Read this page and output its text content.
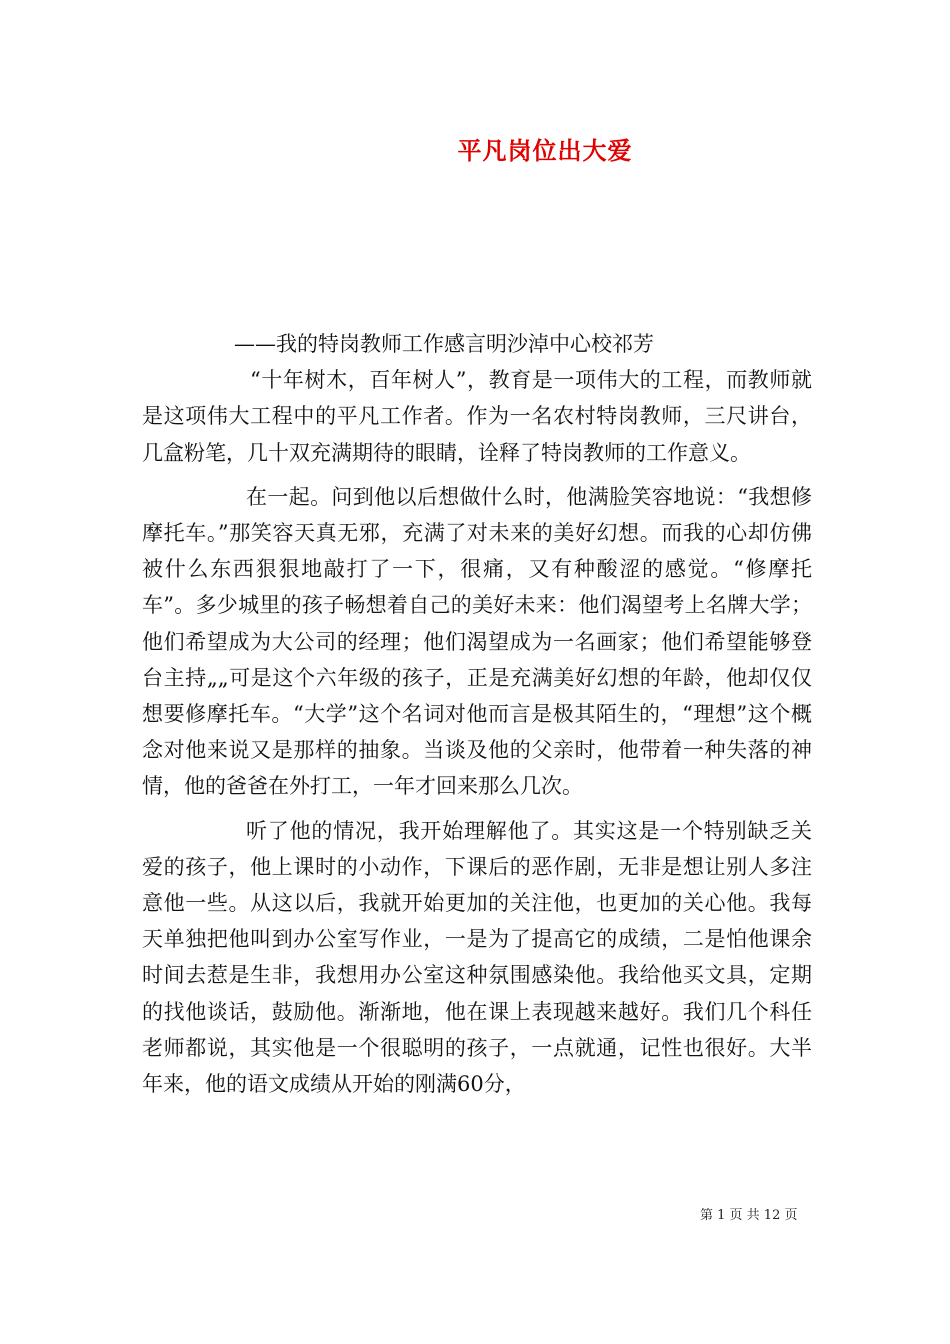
平凡岗位出大爱

——我的特岗教师工作感言明沙淖中心校祁芳

“十年树木，百年树人”，教育是一项伟大的工程，而教师就是这项伟大工程中的平凡工作者。作为一名农村特岗教师，三尺讲台，几盒粉笔，几十双充满期待的眼睛，诠释了特岗教师的工作意义。

在一起。问到他以后想做什么时，他满脸笑容地说：“我想修摩托车。”那笑容天真无邪，充满了对未来的美好幻想。而我的心却仿佛被什么东西狠狠地敲打了一下，很痛，又有种酸涩的感觉。“修摩托车”。多少城里的孩子畅想着自己的美好未来：他们渴望考上名牌大学；他们希望成为大公司的经理；他们渴望成为一名画家；他们希望能够登台主持„„可是这个六年级的孩子，正是充满美好幻想的年龄，他却仅仅想要修摩托车。“大学”这个名词对他而言是极其陌生的，“理想”这个概念对他来说又是那样的抽象。当谈及他的父亲时，他带着一种失落的神情，他的爸爸在外打工，一年才回来那么几次。

听了他的情况，我开始理解他了。其实这是一个特别缺乏关爱的孩子，他上课时的小动作，下课后的恶作剧，无非是想让别人多注意他一些。从这以后，我就开始更加的关注他，也更加的关心他。我每天单独把他叫到办公室写作业，一是为了提高它的成绩，二是怕他课余时间去惹是生非，我想用办公室这种氛围感染他。我给他买文具，定期的找他谈话，鼓励他。渐渐地，他在课上表现越来越好。我们几个科任老师都说，其实他是一个很聪明的孩子，一点就通，记性也很好。大半年来，他的语文成绩从开始的刚满60分，

第 1 页 共 12 页
